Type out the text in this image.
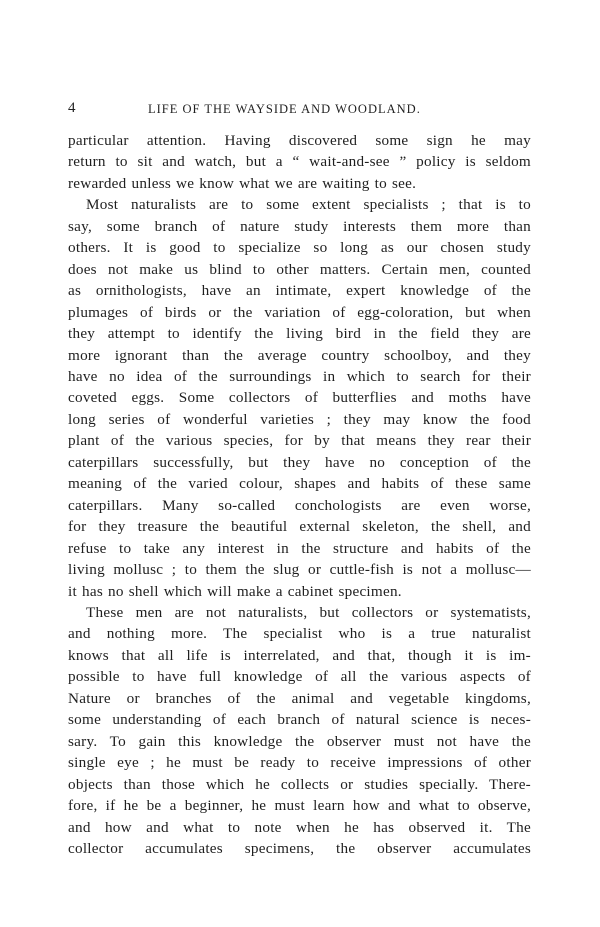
4	LIFE OF THE WAYSIDE AND WOODLAND.
particular attention. Having discovered some sign he may
return to sit and watch, but a “ wait-and-see ” policy is seldom
rewarded unless we know what we are waiting to see.
Most naturalists are to some extent specialists ; that is to
say, some branch of nature study interests them more than
others. It is good to specialize so long as our chosen study
does not make us blind to other matters. Certain men, counted
as ornithologists, have an intimate, expert knowledge of the
plumages of birds or the variation of egg-coloration, but when
they attempt to identify the living bird in the field they are
more ignorant than the average country schoolboy, and they
have no idea of the surroundings in which to search for their
coveted eggs. Some collectors of butterflies and moths have
long series of wonderful varieties ; they may know the food
plant of the various species, for by that means they rear their
caterpillars successfully, but they have no conception of the
meaning of the varied colour, shapes and habits of these same
caterpillars. Many so-called conchologists are even worse,
for they treasure the beautiful external skeleton, the shell, and
refuse to take any interest in the structure and habits of the
living mollusc ; to them the slug or cuttle-fish is not a mollusc—
it has no shell which will make a cabinet specimen.
These men are not naturalists, but collectors or systematists,
and nothing more. The specialist who is a true naturalist
knows that all life is interrelated, and that, though it is im-
possible to have full knowledge of all the various aspects of
Nature or branches of the animal and vegetable kingdoms,
some understanding of each branch of natural science is neces-
sary. To gain this knowledge the observer must not have the
single eye ; he must be ready to receive impressions of other
objects than those which he collects or studies specially. There-
fore, if he be a beginner, he must learn how and what to observe,
and how and what to note when he has observed it. The
collector accumulates specimens, the observer accumulates
